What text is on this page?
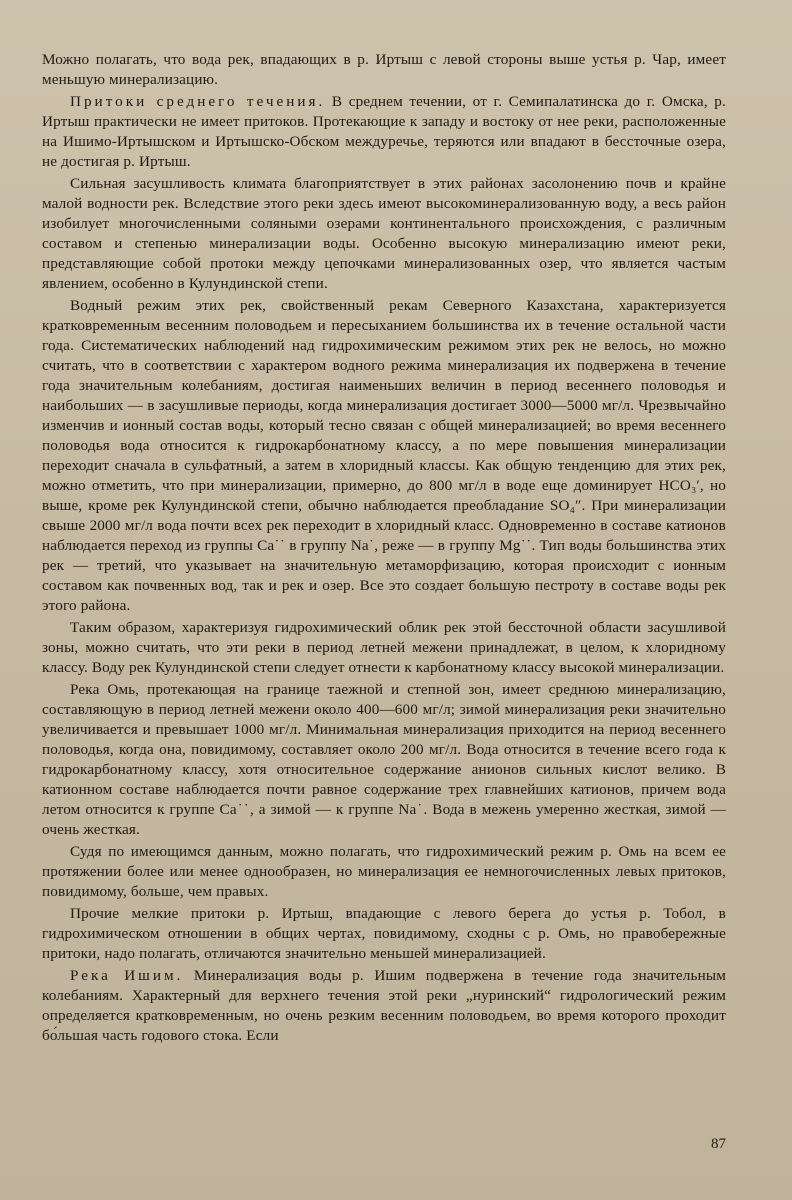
Можно полагать, что вода рек, впадающих в р. Иртыш с левой стороны выше устья р. Чар, имеет меньшую минерализацию.

Притоки среднего течения. В среднем течении, от г. Семипалатинска до г. Омска, р. Иртыш практически не имеет притоков. Протекающие к западу и востоку от нее реки, расположенные на Ишимо-Иртышском и Иртышско-Обском междуречье, теряются или впадают в бессточные озера, не достигая р. Иртыш.

Сильная засушливость климата благоприятствует в этих районах засолонению почв и крайне малой водности рек. Вследствие этого реки здесь имеют высокоминерализованную воду, а весь район изобилует многочисленными соляными озерами континентального происхождения, с различным составом и степенью минерализации воды. Особенно высокую минерализацию имеют реки, представляющие собой протоки между цепочками минерализованных озер, что является частым явлением, особенно в Кулундинской степи.

Водный режим этих рек, свойственный рекам Северного Казахстана, характеризуется кратковременным весенним половодьем и пересыханием большинства их в течение остальной части года. Систематических наблюдений над гидрохимическим режимом этих рек не велось, но можно считать, что в соответствии с характером водного режима минерализация их подвержена в течение года значительным колебаниям, достигая наименьших величин в период весеннего половодья и наибольших — в засушливые периоды, когда минерализация достигает 3000—5000 мг/л. Чрезвычайно изменчив и ионный состав воды, который тесно связан с общей минерализацией; во время весеннего половодья вода относится к гидрокарбонатному классу, а по мере повышения минерализации переходит сначала в сульфатный, а затем в хлоридный классы. Как общую тенденцию для этих рек, можно отметить, что при минерализации, примерно, до 800 мг/л в воде еще доминирует HCO₃′, но выше, кроме рек Кулундинской степи, обычно наблюдается преобладание SO₄″. При минерализации свыше 2000 мг/л вода почти всех рек переходит в хлоридный класс. Одновременно в составе катионов наблюдается переход из группы Ca˙˙ в группу Na˙, реже — в группу Mg˙˙. Тип воды большинства этих рек — третий, что указывает на значительную метаморфизацию, которая происходит с ионным составом как почвенных вод, так и рек и озер. Все это создает большую пестроту в составе воды рек этого района.

Таким образом, характеризуя гидрохимический облик рек этой бессточной области засушливой зоны, можно считать, что эти реки в период летней межени принадлежат, в целом, к хлоридному классу. Воду рек Кулундинской степи следует отнести к карбонатному классу высокой минерализации.

Река Омь, протекающая на границе таежной и степной зон, имеет среднюю минерализацию, составляющую в период летней межени около 400—600 мг/л; зимой минерализация реки значительно увеличивается и превышает 1000 мг/л. Минимальная минерализация приходится на период весеннего половодья, когда она, повидимому, составляет около 200 мг/л. Вода относится в течение всего года к гидрокарбонатному классу, хотя относительное содержание анионов сильных кислот велико. В катионном составе наблюдается почти равное содержание трех главнейших катионов, причем вода летом относится к группе Ca˙˙, а зимой — к группе Na˙. Вода в межень умеренно жесткая, зимой — очень жесткая.

Судя по имеющимся данным, можно полагать, что гидрохимический режим р. Омь на всем ее протяжении более или менее однообразен, но минерализация ее немногочисленных левых притоков, повидимому, больше, чем правых.

Прочие мелкие притоки р. Иртыш, впадающие с левого берега до устья р. Тобол, в гидрохимическом отношении в общих чертах, повидимому, сходны с р. Омь, но правобережные притоки, надо полагать, отличаются значительно меньшей минерализацией.

Река Ишим. Минерализация воды р. Ишим подвержена в течение года значительным колебаниям. Характерный для верхнего течения этой реки „нуринский“ гидрологический режим определяется кратковременным, но очень резким весенним половодьем, во время которого проходит бо́льшая часть годового стока. Если

87
